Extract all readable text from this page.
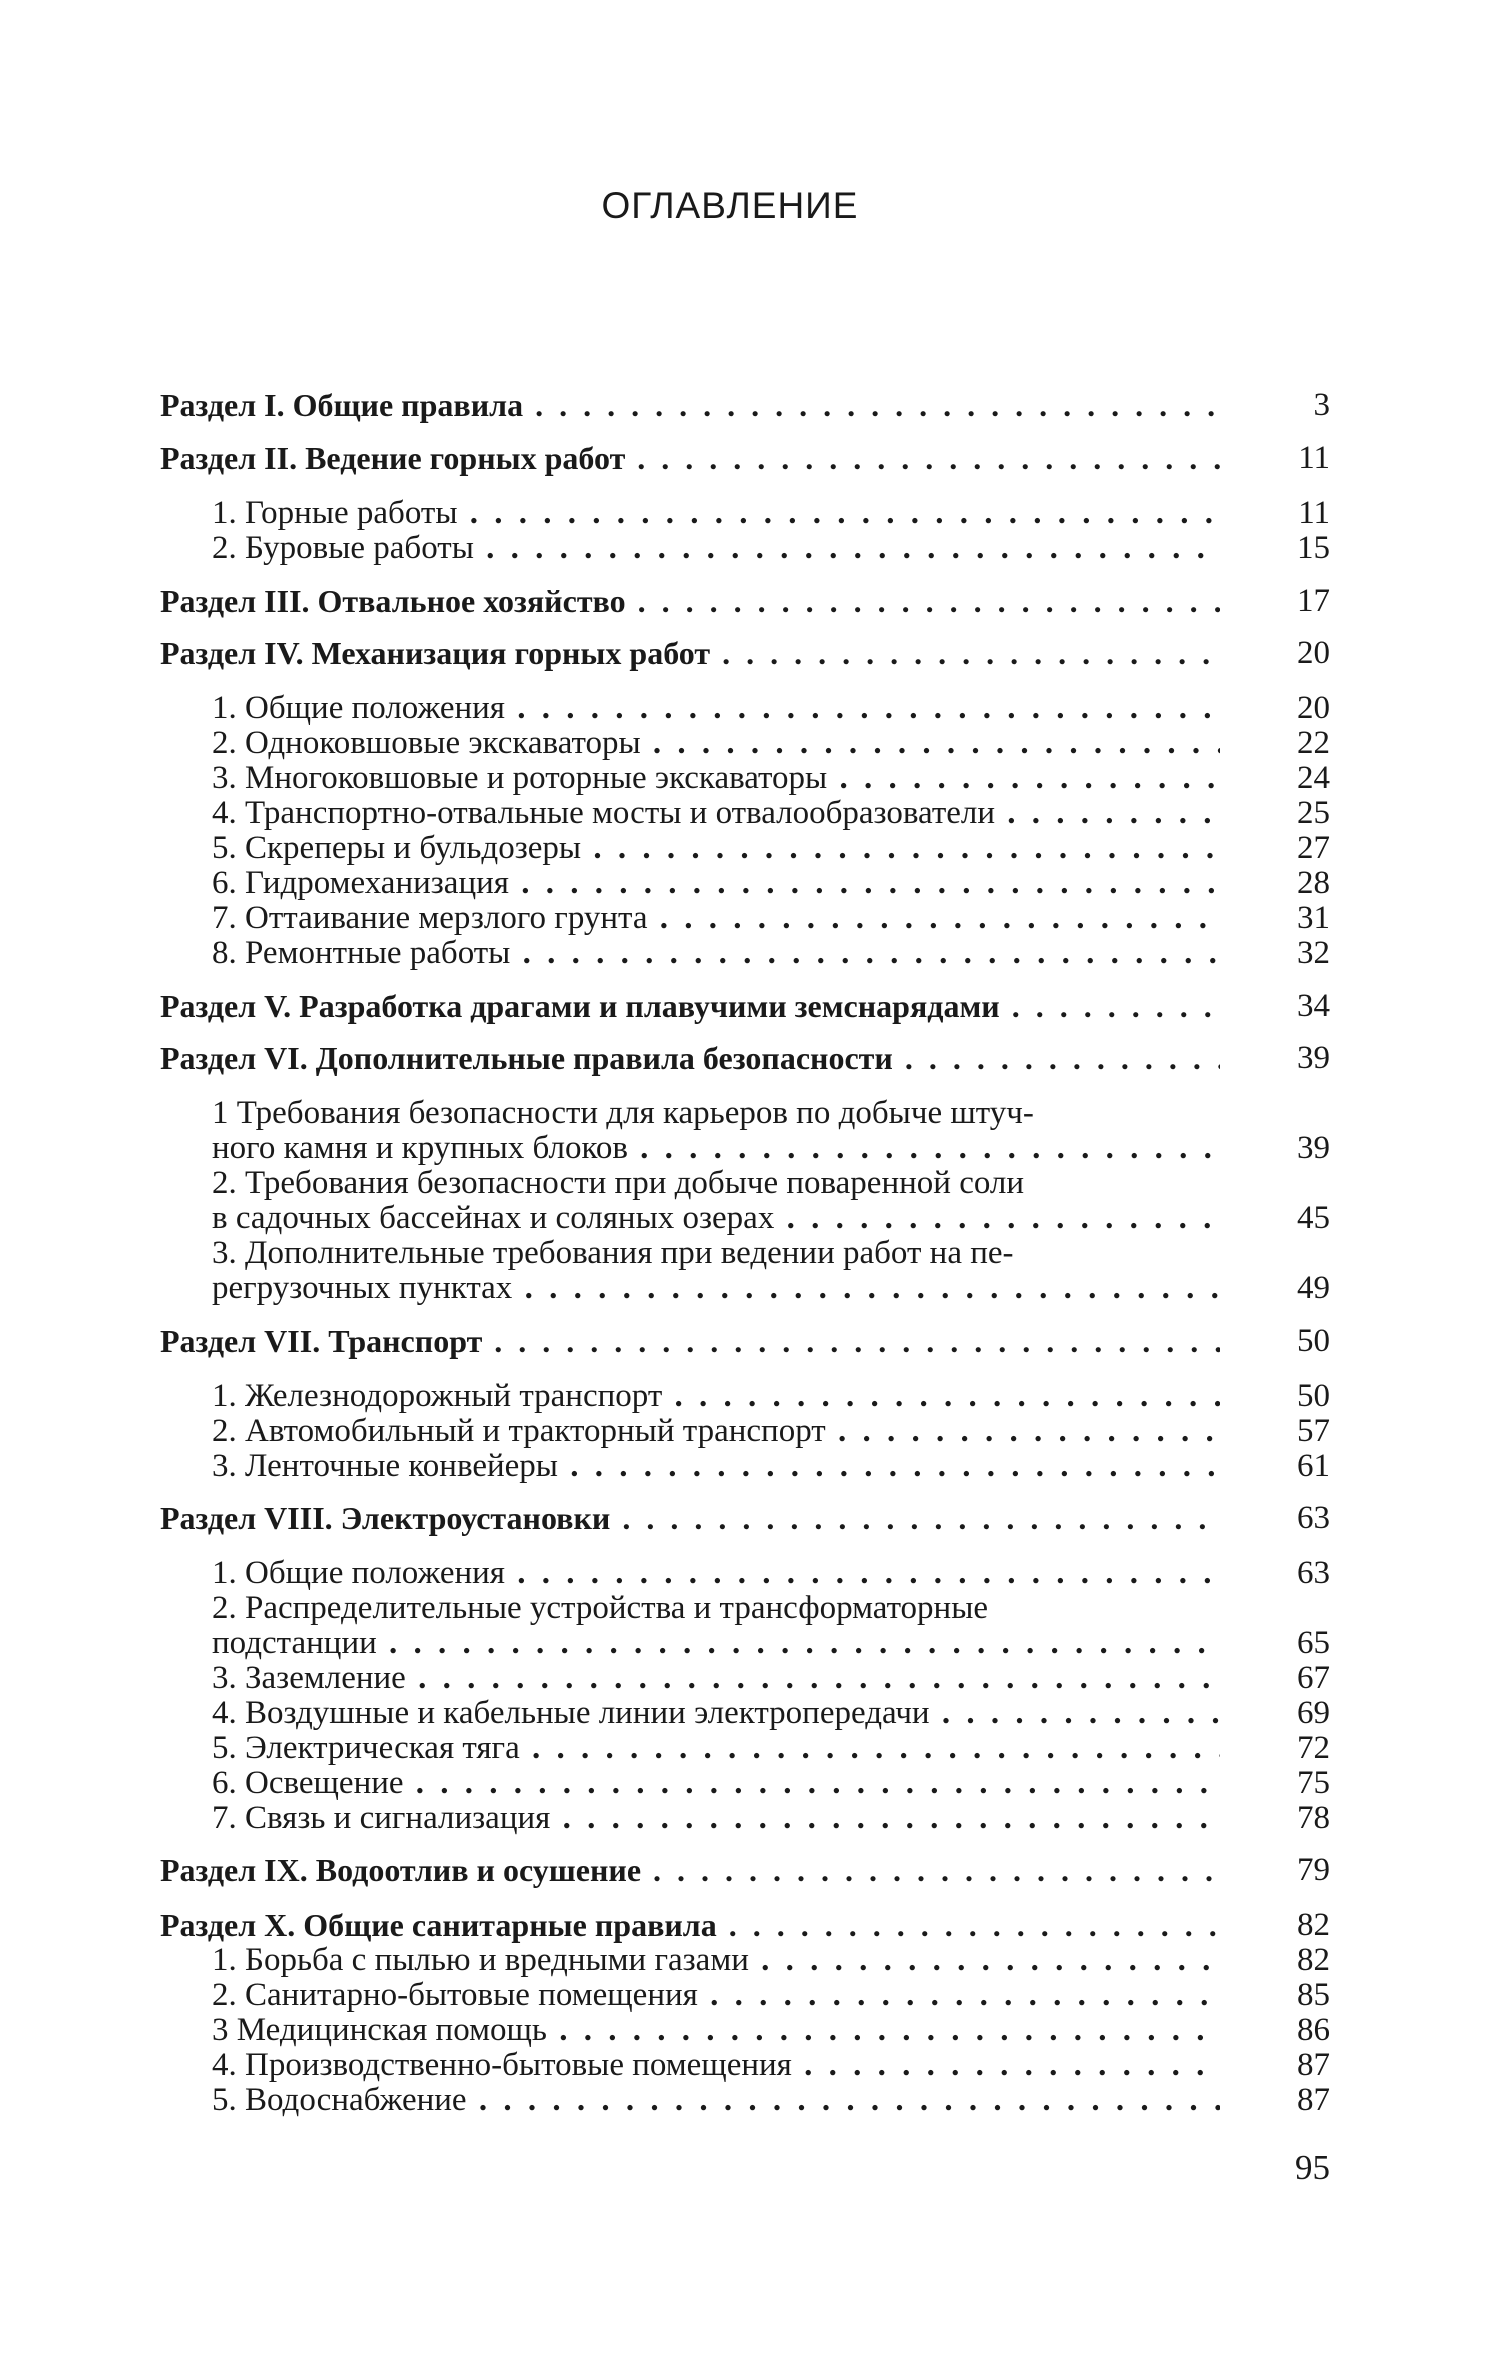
ОГЛАВЛЕНИЕ
Раздел I. Общие правила . .	3
Раздел II. Ведение горных работ . .	11
1. Горные работы . .	11
2. Буровые работы . .	15
Раздел III. Отвальное хозяйство . .	17
Раздел IV. Механизация горных работ . .	20
1. Общие положения . .	20
2. Одноковшовые экскаваторы . .	22
3. Многоковшовые и роторные экскаваторы . .	24
4. Транспортно-отвальные мосты и отвалообразователи . .	25
5. Скреперы и бульдозеры . .	27
6. Гидромеханизация . .	28
7. Оттаивание мерзлого грунта . .	31
8. Ремонтные работы . .	32
Раздел V. Разработка драгами и плавучими земснарядами . .	34
Раздел VI. Дополнительные правила безопасности . .	39
1 Требования безопасности для карьеров по добыче штуч-
ного камня и крупных блоков . .	39
2. Требования безопасности при добыче поваренной соли
в садочных бассейнах и соляных озерах . .	45
3. Дополнительные требования при ведении работ на пе-
регрузочных пунктах . .	49
Раздел VII. Транспорт . .	50
1. Железнодорожный транспорт . .	50
2. Автомобильный и тракторный транспорт . .	57
3. Ленточные конвейеры . .	61
Раздел VIII. Электроустановки . .	63
1. Общие положения . .	63
2. Распределительные устройства и трансформаторные
подстанции . .	65
3. Заземление . .	67
4. Воздушные и кабельные линии электропередачи . .	69
5. Электрическая тяга . .	72
6. Освещение . .	75
7. Связь и сигнализация . .	78
Раздел IX. Водоотлив и осушение . .	79
Раздел X. Общие санитарные правила . .	82
1. Борьба с пылью и вредными газами . .	82
2. Санитарно-бытовые помещения . .	85
3 Медицинская помощь . .	86
4. Производственно-бытовые помещения . .	87
5. Водоснабжение . .	87
95
